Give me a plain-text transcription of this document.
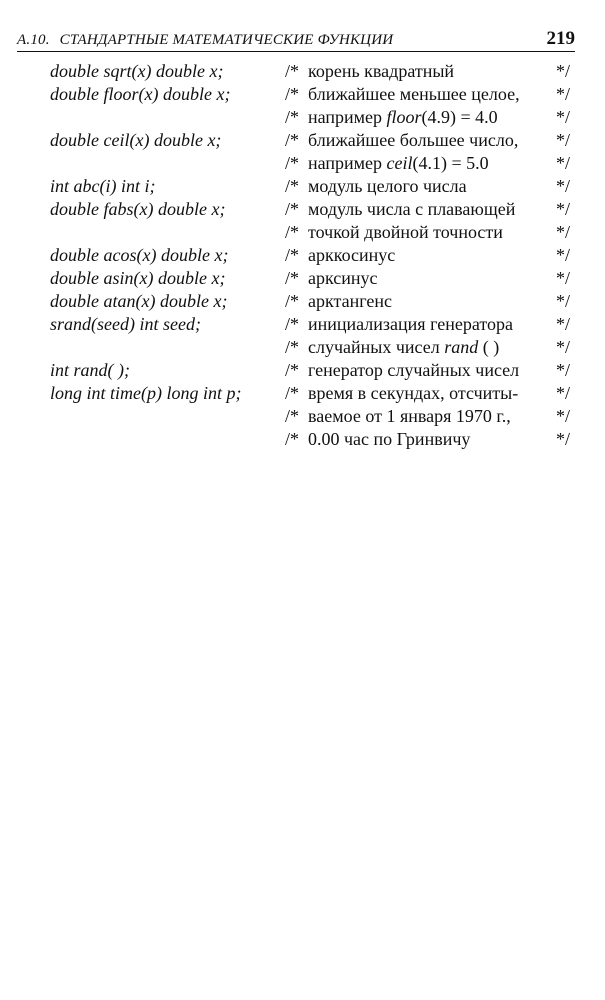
A.10. СТАНДАРТНЫЕ МАТЕМАТИЧЕСКИЕ ФУНКЦИИ	219
double sqrt(x) double x;	/* корень квадратный	*/
double floor(x) double x;	/* ближайшее меньшее целое, */
/* например floor(4.9) = 4.0	*/
double ceil(x) double x;	/* ближайшее большее число, */
/* например ceil(4.1) = 5.0	*/
int abc(i) int i;	/* модуль целого числа	*/
double fabs(x) double x;	/* модуль числа с плавающей */
/* точкой двойной точности	*/
double acos(x) double x;	/* арккосинус	*/
double asin(x) double x;	/* арксинус	*/
double atan(x) double x;	/* арктангенс	*/
srand(seed) int seed;	/* инициализация генератора */
/* случайных чисел rand ( )	*/
int rand( );	/* генератор случайных чисел */
long int time(p) long int p; /* время в секундах, отсчиты- */
/* ваемое от 1 января 1970 г.,	*/
/* 0.00 час по Гринвичу	*/
